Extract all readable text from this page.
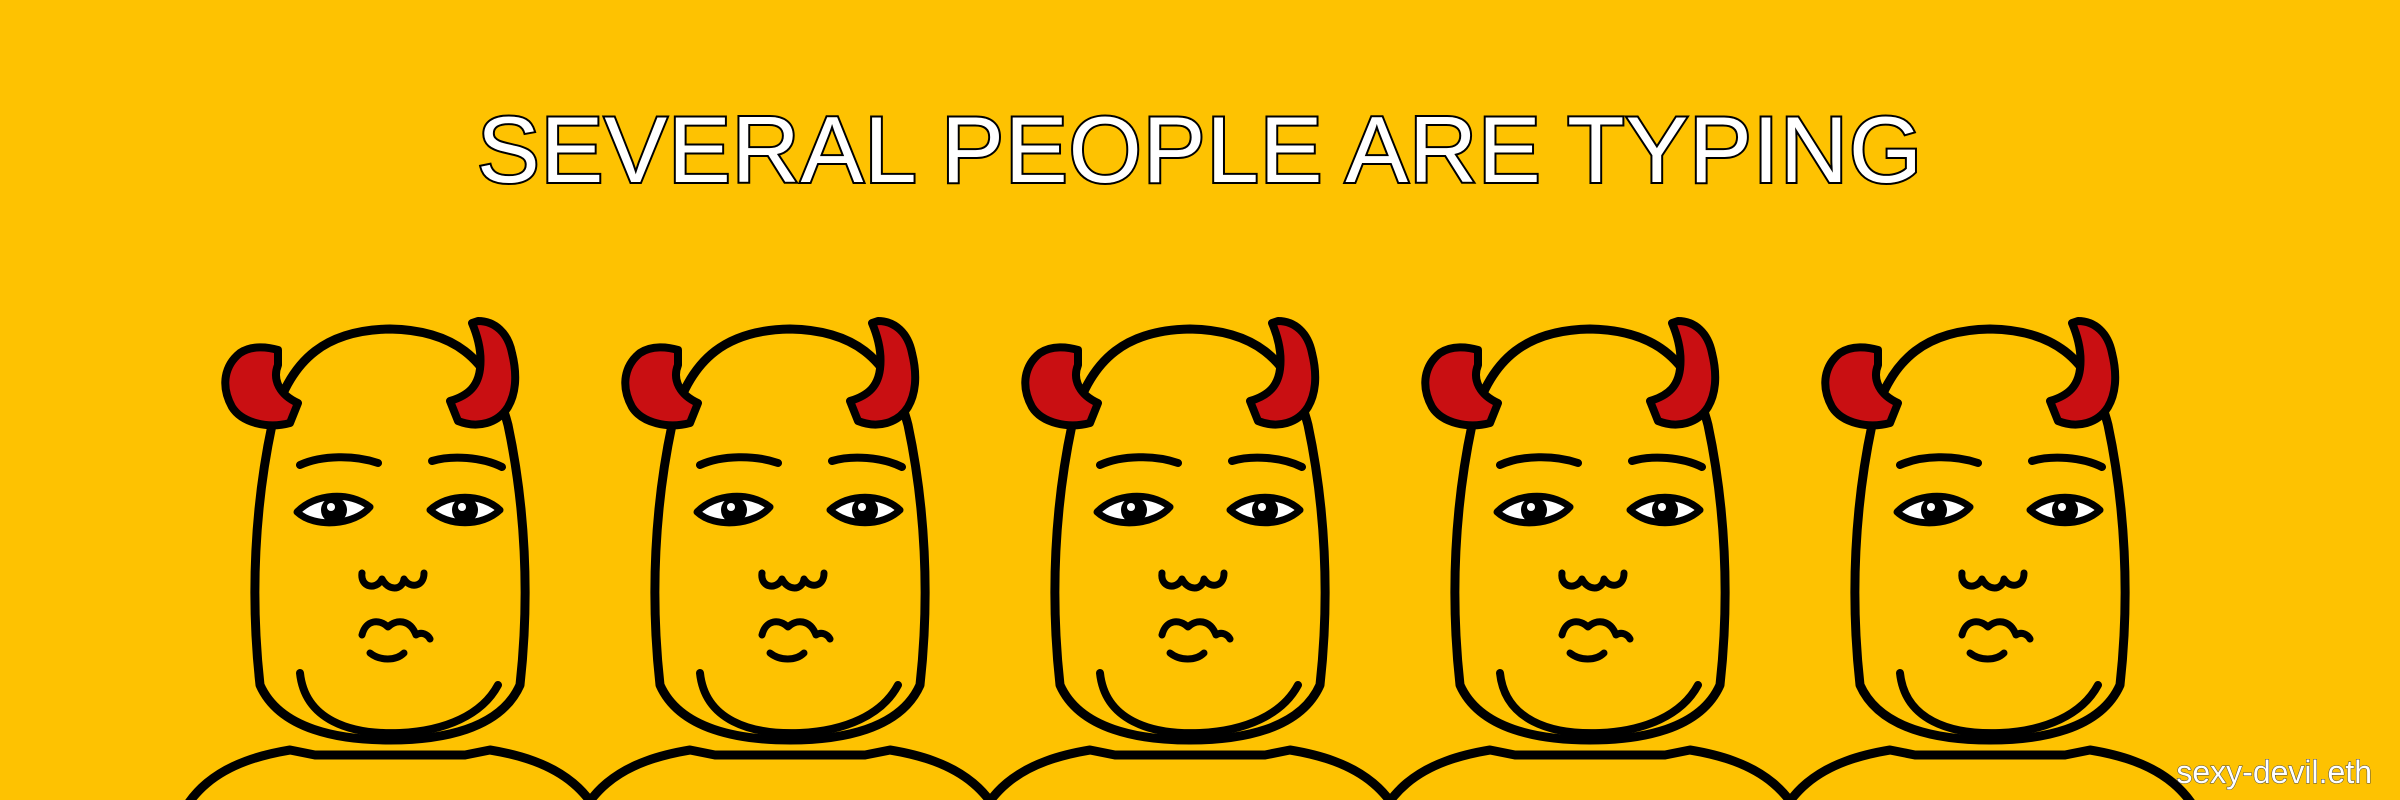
SEVERAL PEOPLE ARE TYPING
sexy-devil.eth
